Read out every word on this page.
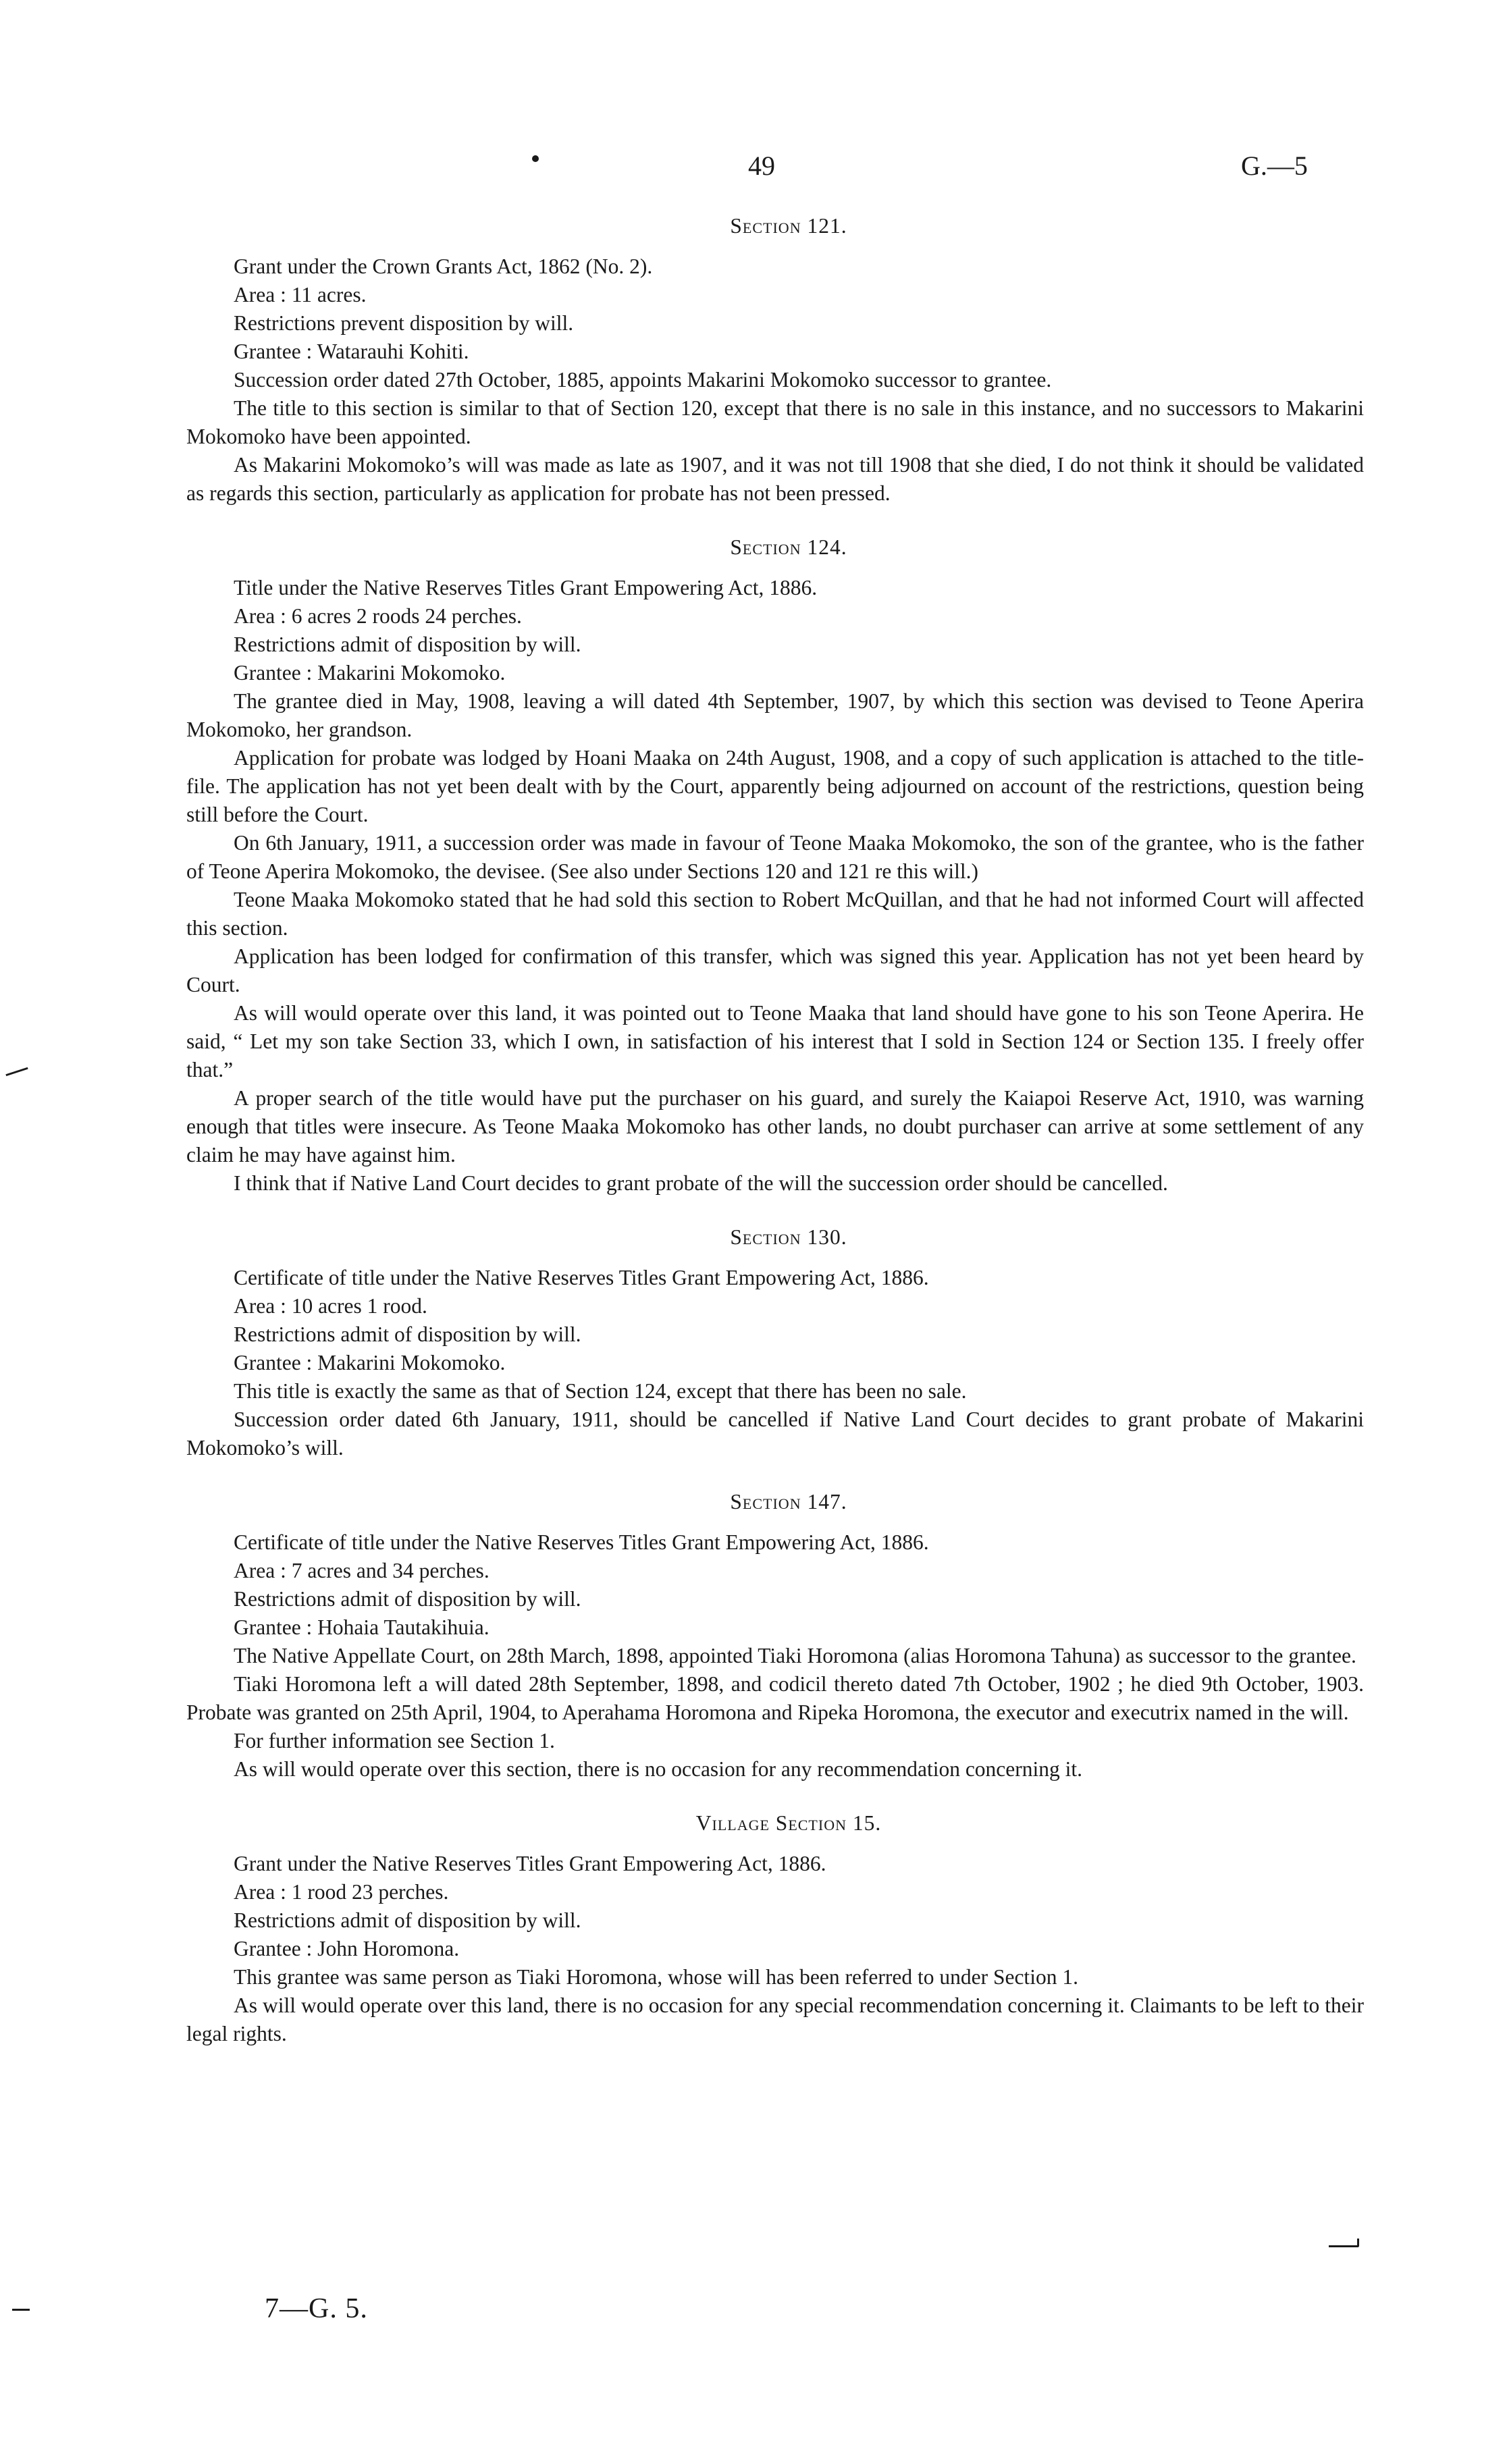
49	G.—5

Section 121.

Grant under the Crown Grants Act, 1862 (No. 2).

Area : 11 acres.

Restrictions prevent disposition by will.

Grantee : Watarauhi Kohiti.

Succession order dated 27th October, 1885, appoints Makarini Mokomoko successor to grantee.

The title to this section is similar to that of Section 120, except that there is no sale in this instance, and no successors to Makarini Mokomoko have been appointed.

As Makarini Mokomoko’s will was made as late as 1907, and it was not till 1908 that she died, I do not think it should be validated as regards this section, particularly as application for probate has not been pressed.

Section 124.

Title under the Native Reserves Titles Grant Empowering Act, 1886.

Area : 6 acres 2 roods 24 perches.

Restrictions admit of disposition by will.

Grantee : Makarini Mokomoko.

The grantee died in May, 1908, leaving a will dated 4th September, 1907, by which this section was devised to Teone Aperira Mokomoko, her grandson.

Application for probate was lodged by Hoani Maaka on 24th August, 1908, and a copy of such application is attached to the title-file. The application has not yet been dealt with by the Court, apparently being adjourned on account of the restrictions, question being still before the Court.

On 6th January, 1911, a succession order was made in favour of Teone Maaka Mokomoko, the son of the grantee, who is the father of Teone Aperira Mokomoko, the devisee. (See also under Sections 120 and 121 re this will.)

Teone Maaka Mokomoko stated that he had sold this section to Robert McQuillan, and that he had not informed Court will affected this section.

Application has been lodged for confirmation of this transfer, which was signed this year. Application has not yet been heard by Court.

As will would operate over this land, it was pointed out to Teone Maaka that land should have gone to his son Teone Aperira. He said, “ Let my son take Section 33, which I own, in satisfaction of his interest that I sold in Section 124 or Section 135. I freely offer that.”

A proper search of the title would have put the purchaser on his guard, and surely the Kaiapoi Reserve Act, 1910, was warning enough that titles were insecure. As Teone Maaka Mokomoko has other lands, no doubt purchaser can arrive at some settlement of any claim he may have against him.

I think that if Native Land Court decides to grant probate of the will the succession order should be cancelled.

Section 130.

Certificate of title under the Native Reserves Titles Grant Empowering Act, 1886.

Area : 10 acres 1 rood.

Restrictions admit of disposition by will.

Grantee : Makarini Mokomoko.

This title is exactly the same as that of Section 124, except that there has been no sale.

Succession order dated 6th January, 1911, should be cancelled if Native Land Court decides to grant probate of Makarini Mokomoko’s will.

Section 147.

Certificate of title under the Native Reserves Titles Grant Empowering Act, 1886.

Area : 7 acres and 34 perches.

Restrictions admit of disposition by will.

Grantee : Hohaia Tautakihuia.

The Native Appellate Court, on 28th March, 1898, appointed Tiaki Horomona (alias Horomona Tahuna) as successor to the grantee.

Tiaki Horomona left a will dated 28th September, 1898, and codicil thereto dated 7th October, 1902 ; he died 9th October, 1903. Probate was granted on 25th April, 1904, to Aperahama Horomona and Ripeka Horomona, the executor and executrix named in the will.

For further information see Section 1.

As will would operate over this section, there is no occasion for any recommendation concerning it.

Village Section 15.

Grant under the Native Reserves Titles Grant Empowering Act, 1886.

Area : 1 rood 23 perches.

Restrictions admit of disposition by will.

Grantee : John Horomona.

This grantee was same person as Tiaki Horomona, whose will has been referred to under Section 1.

As will would operate over this land, there is no occasion for any special recommendation concerning it. Claimants to be left to their legal rights.

7—G. 5.
